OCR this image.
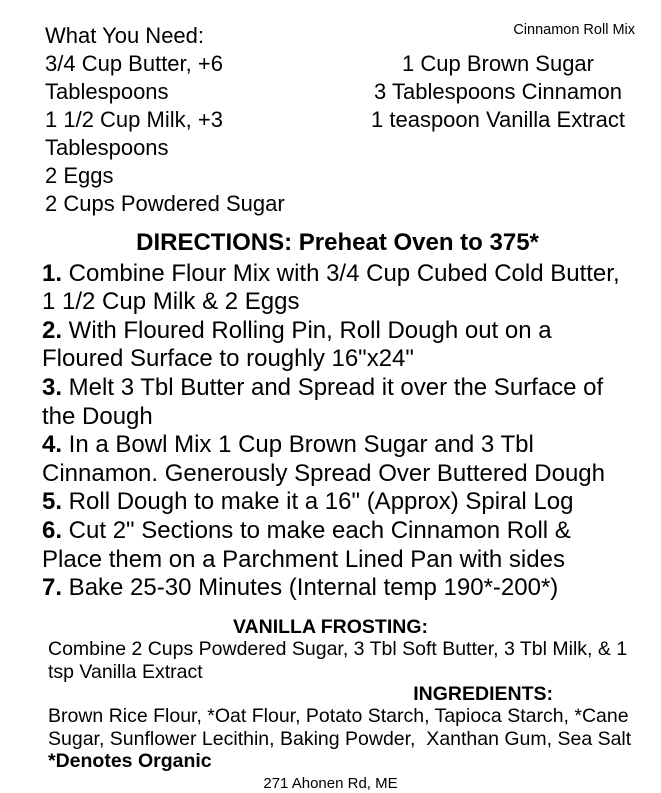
Cinnamon Roll Mix
What You Need:
3/4 Cup Butter, +6 Tablespoons
1 1/2 Cup Milk, +3 Tablespoons
2 Eggs
2 Cups Powdered Sugar
1 Cup Brown Sugar
3 Tablespoons Cinnamon
1 teaspoon Vanilla Extract
DIRECTIONS: Preheat Oven to 375*
1. Combine Flour Mix with 3/4 Cup Cubed Cold Butter,
1 1/2 Cup Milk & 2 Eggs
2. With Floured Rolling Pin, Roll Dough out on a
Floured Surface to roughly 16"x24"
3. Melt 3 Tbl Butter and Spread it over the Surface of
the Dough
4. In a Bowl Mix 1 Cup Brown Sugar and 3 Tbl
Cinnamon. Generously Spread Over Buttered Dough
5. Roll Dough to make it a 16" (Approx) Spiral Log
6. Cut 2" Sections to make each Cinnamon Roll &
Place them on a Parchment Lined Pan with sides
7. Bake 25-30 Minutes (Internal temp 190*-200*)
VANILLA FROSTING:
Combine 2 Cups Powdered Sugar, 3 Tbl Soft Butter, 3 Tbl Milk, & 1
tsp Vanilla Extract
INGREDIENTS:
Brown Rice Flour, *Oat Flour, Potato Starch, Tapioca Starch, *Cane
Sugar, Sunflower Lecithin, Baking Powder,  Xanthan Gum, Sea Salt
*Denotes Organic
271 Ahonen Rd, ME
